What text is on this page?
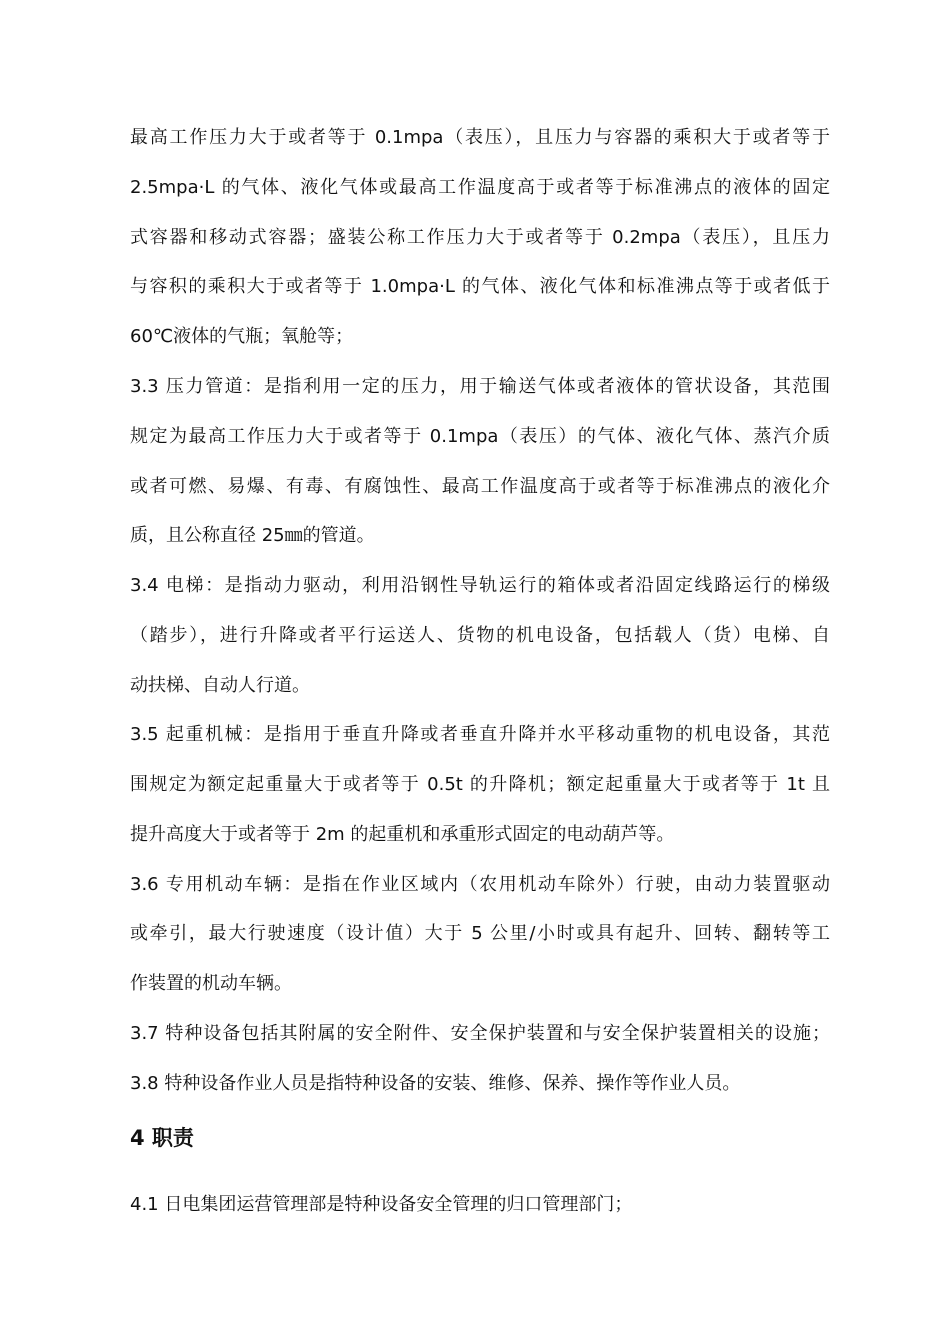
最高工作压力大于或者等于 0.1mpa（表压），且压力与容器的乘积大于或者等于
2.5mpa·L 的气体、液化气体或最高工作温度高于或者等于标准沸点的液体的固定
式容器和移动式容器；盛装公称工作压力大于或者等于 0.2mpa（表压），且压力
与容积的乘积大于或者等于 1.0mpa·L 的气体、液化气体和标准沸点等于或者低于
60℃液体的气瓶；氧舱等；
3.3 压力管道：是指利用一定的压力，用于输送气体或者液体的管状设备，其范围
规定为最高工作压力大于或者等于 0.1mpa（表压）的气体、液化气体、蒸汽介质
或者可燃、易爆、有毒、有腐蚀性、最高工作温度高于或者等于标准沸点的液化介
质，且公称直径 25㎜的管道。
3.4 电梯：是指动力驱动，利用沿钢性导轨运行的箱体或者沿固定线路运行的梯级
（踏步），进行升降或者平行运送人、货物的机电设备，包括载人（货）电梯、自
动扶梯、自动人行道。
3.5 起重机械：是指用于垂直升降或者垂直升降并水平移动重物的机电设备，其范
围规定为额定起重量大于或者等于 0.5t 的升降机；额定起重量大于或者等于 1t 且
提升高度大于或者等于 2m 的起重机和承重形式固定的电动葫芦等。
3.6 专用机动车辆：是指在作业区域内（农用机动车除外）行驶，由动力装置驱动
或牵引，最大行驶速度（设计值）大于 5 公里/小时或具有起升、回转、翻转等工
作装置的机动车辆。
3.7 特种设备包括其附属的安全附件、安全保护装置和与安全保护装置相关的设施；
3.8 特种设备作业人员是指特种设备的安装、维修、保养、操作等作业人员。
4 职责
4.1 日电集团运营管理部是特种设备安全管理的归口管理部门；
